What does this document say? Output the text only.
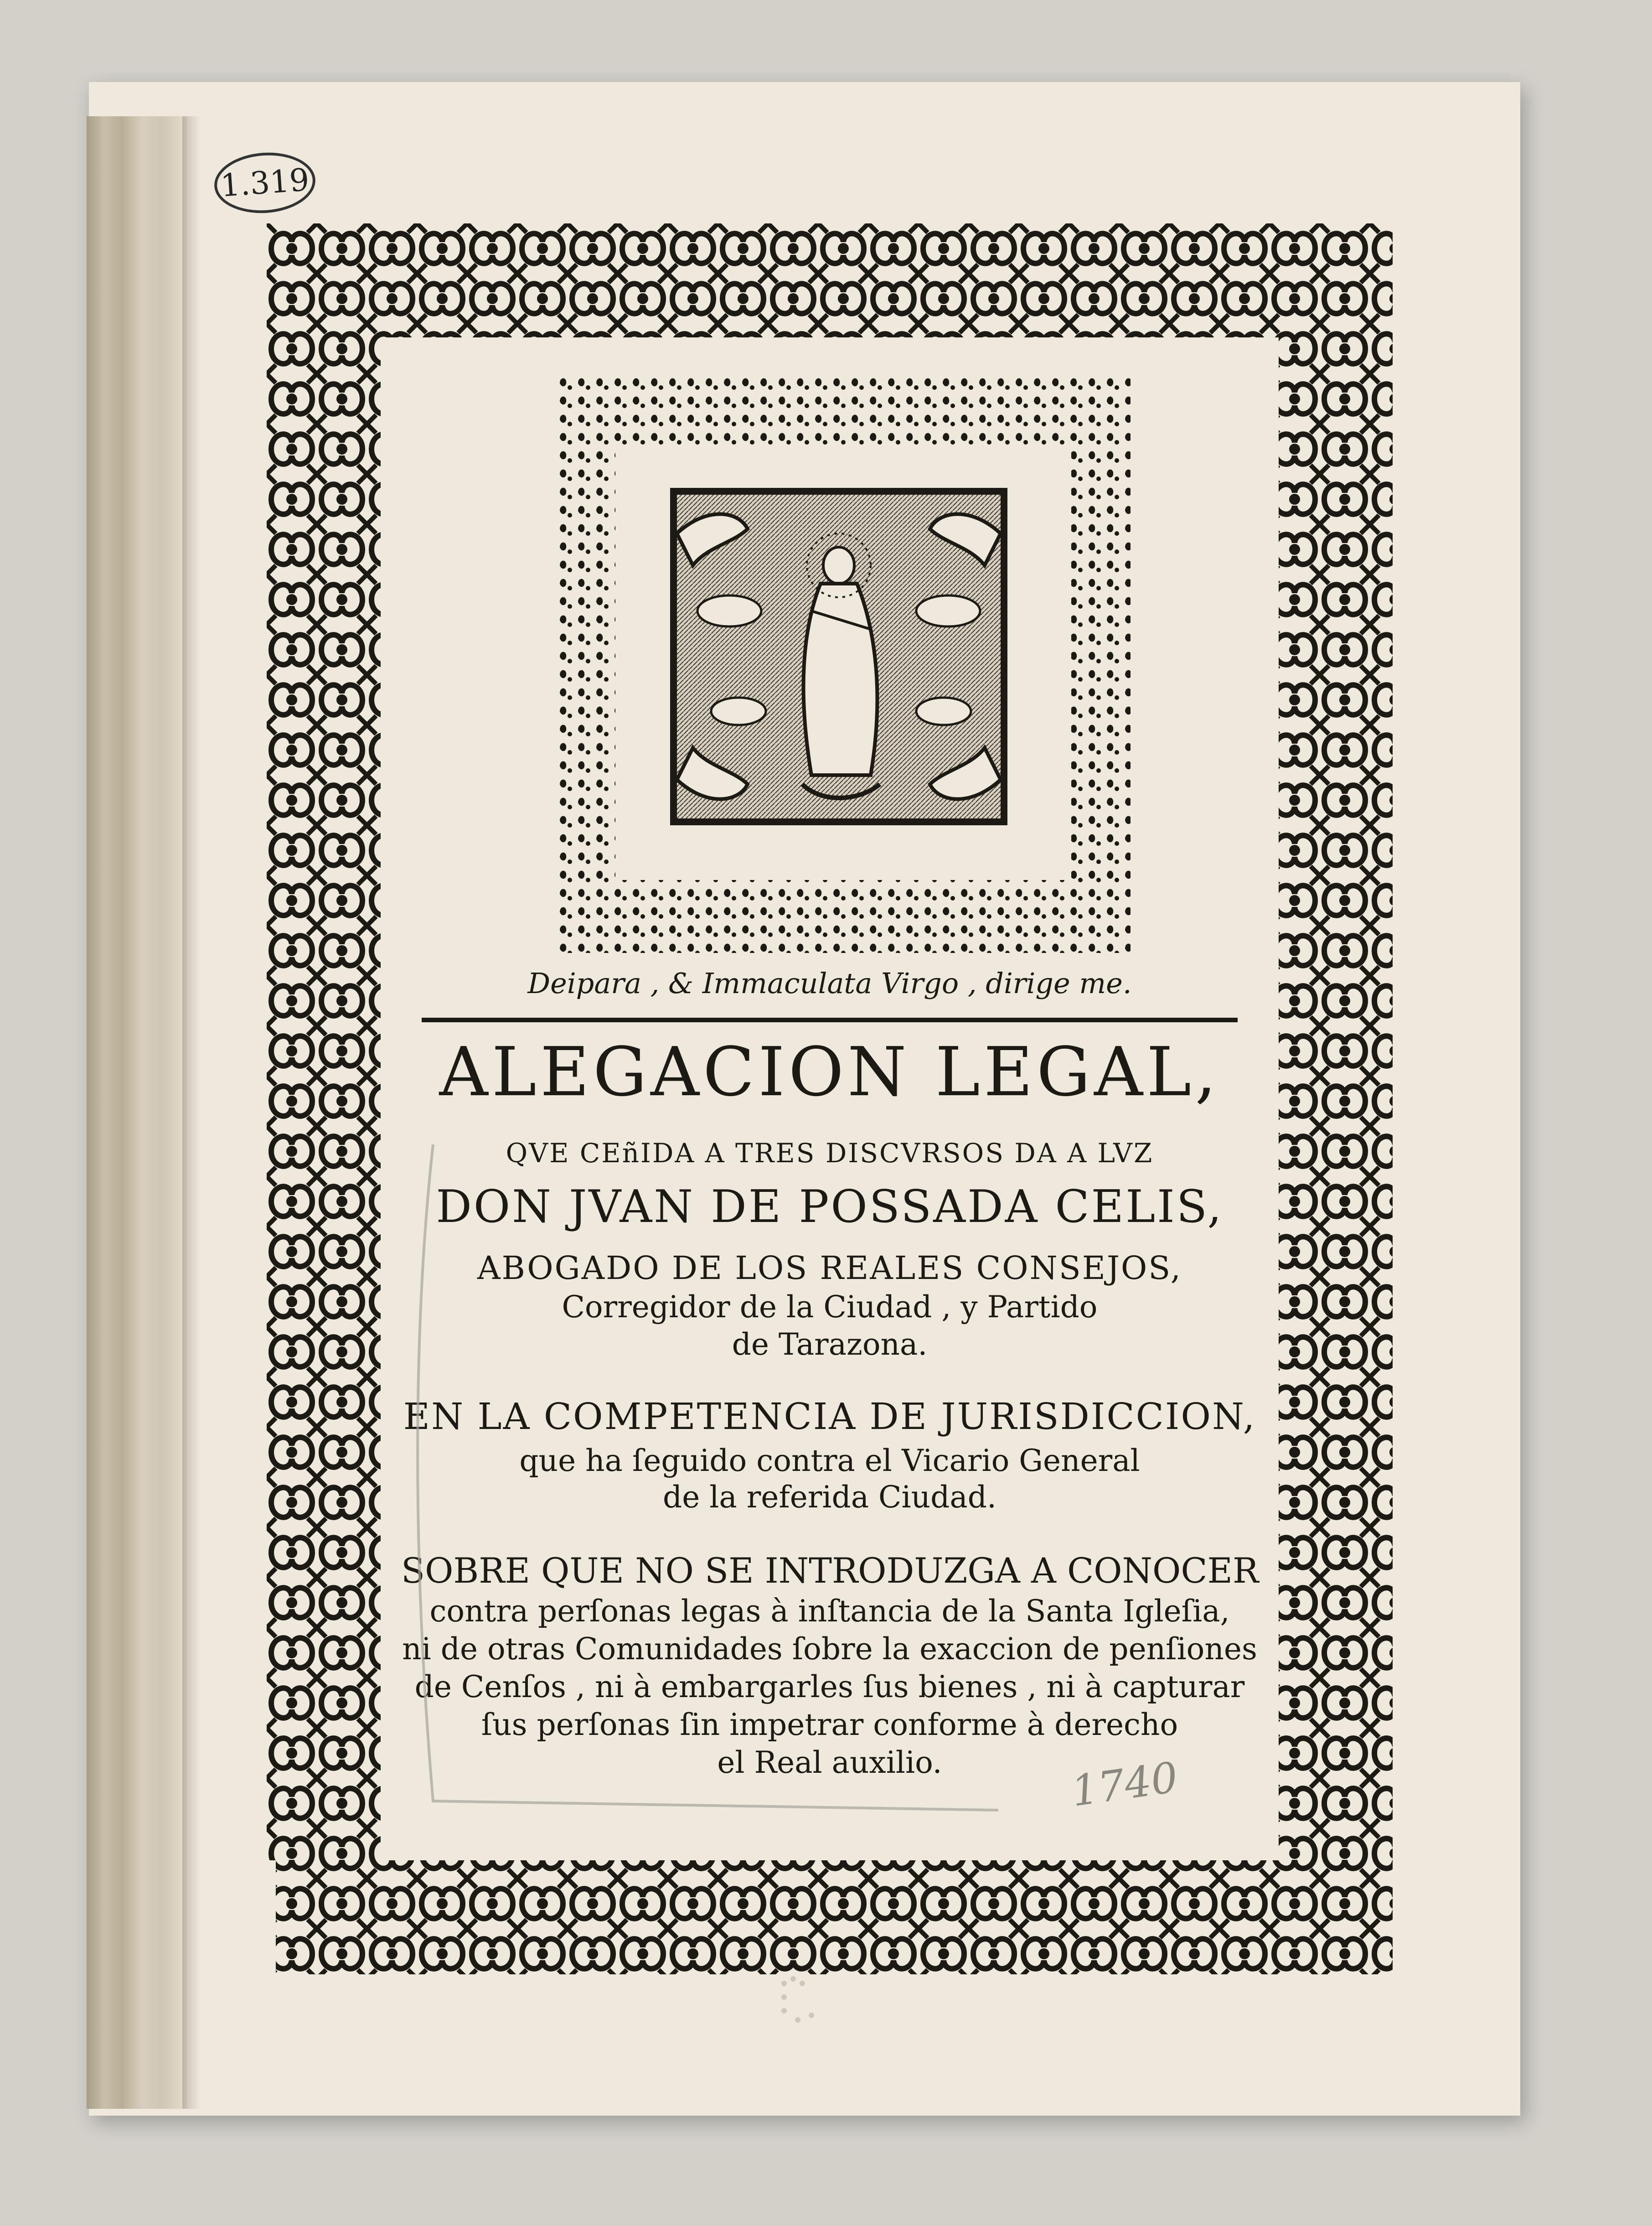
1.319
Deipara , & Immaculata Virgo , dirige me.
ALEGACION LEGAL,
QVE CEñIDA A TRES DISCVRSOS DA A LVZ
DON JVAN DE POSSADA CELIS,
ABOGADO DE LOS REALES CONSEJOS,
Corregidor de la Ciudad , y Partido
de Tarazona.
EN LA COMPETENCIA DE JURISDICCION,
que ha ſeguido contra el Vicario General
de la referida Ciudad.
SOBRE QUE NO SE INTRODUZGA A CONOCER
contra perſonas legas à inſtancia de la Santa Igleſia,
ni de otras Comunidades ſobre la exaccion de penſiones
de Cenſos , ni à embargarles ſus bienes , ni à capturar
ſus perſonas ſin impetrar conforme à derecho
el Real auxilio.	1740
